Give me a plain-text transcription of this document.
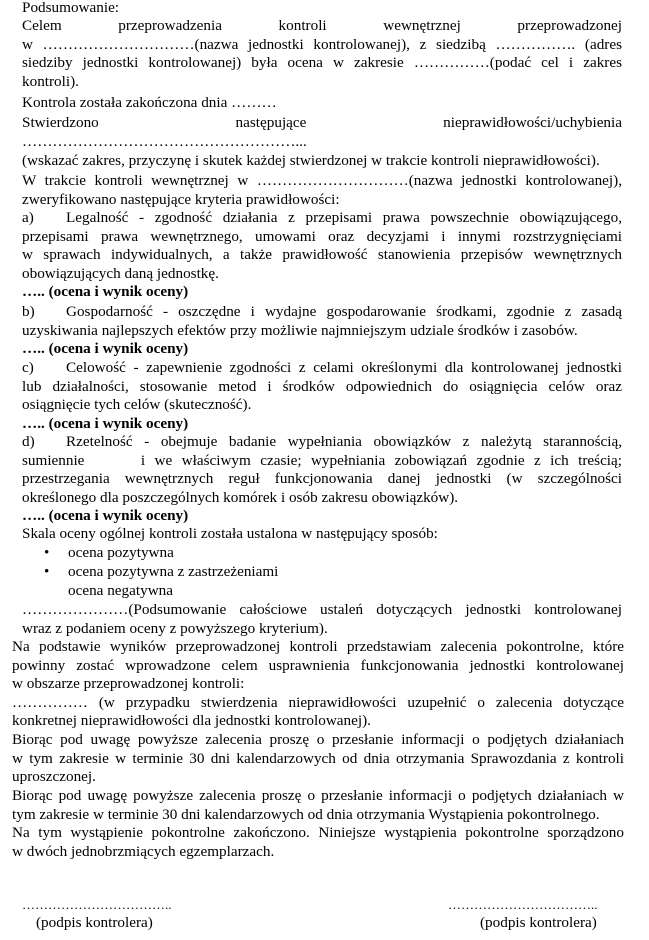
Podsumowanie:
Celem przeprowadzenia kontroli wewnętrznej przeprowadzonej
w …………………………(nazwa jednostki kontrolowanej), z siedzibą ……………. (adres
siedziby jednostki kontrolowanej) była ocena w zakresie ……………(podać cel i zakres
kontroli).
Kontrola została zakończona dnia ………
Stwierdzono następujące nieprawidłowości/uchybienia
………………………………………………...
(wskazać zakres, przyczynę i skutek każdej stwierdzonej w trakcie kontroli nieprawidłowości).
W trakcie kontroli wewnętrznej w …………………………(nazwa jednostki kontrolowanej),
zweryfikowano następujące kryteria prawidłowości:
a) Legalność - zgodność działania z przepisami prawa powszechnie obowiązującego,
przepisami prawa wewnętrznego, umowami oraz decyzjami i innymi rozstrzygnięciami
w sprawach indywidualnych, a także prawidłowość stanowienia przepisów wewnętrznych
obowiązujących daną jednostkę.
….. (ocena i wynik oceny)
b) Gospodarność - oszczędne i wydajne gospodarowanie środkami, zgodnie z zasadą
uzyskiwania najlepszych efektów przy możliwie najmniejszym udziale środków i zasobów.
….. (ocena i wynik oceny)
c) Celowość - zapewnienie zgodności z celami określonymi dla kontrolowanej jednostki
lub działalności, stosowanie metod i środków odpowiednich do osiągnięcia celów oraz
osiągnięcie tych celów (skuteczność).
….. (ocena i wynik oceny)
d) Rzetelność - obejmuje badanie wypełniania obowiązków z należytą starannością,
sumiennie      i we właściwym czasie; wypełniania zobowiązań zgodnie z ich treścią;
przestrzegania wewnętrznych reguł funkcjonowania danej jednostki (w szczególności
określonego dla poszczególnych komórek i osób zakresu obowiązków).
….. (ocena i wynik oceny)
Skala oceny ogólnej kontroli została ustalona w następujący sposób:
• ocena pozytywna
• ocena pozytywna z zastrzeżeniami
ocena negatywna
…………………(Podsumowanie całościowe ustaleń dotyczących jednostki kontrolowanej
wraz z podaniem oceny z powyższego kryterium).
Na podstawie wyników przeprowadzonej kontroli przedstawiam zalecenia pokontrolne, które
powinny zostać wprowadzone celem usprawnienia funkcjonowania jednostki kontrolowanej
w obszarze przeprowadzonej kontroli:
…………… (w przypadku stwierdzenia nieprawidłowości uzupełnić o zalecenia dotyczące
konkretnej nieprawidłowości dla jednostki kontrolowanej).
Biorąc pod uwagę powyższe zalecenia proszę o przesłanie informacji o podjętych działaniach
w tym zakresie w terminie 30 dni kalendarzowych od dnia otrzymania Sprawozdania z kontroli
uproszczonej.
Biorąc pod uwagę powyższe zalecenia proszę o przesłanie informacji o podjętych działaniach w
tym zakresie w terminie 30 dni kalendarzowych od dnia otrzymania Wystąpienia pokontrolnego.
Na tym wystąpienie pokontrolne zakończono. Niniejsze wystąpienia pokontrolne sporządzono
w dwóch jednobrzmiących egzemplarzach.
……………………………..
(podpis kontrolera)
……………………………..
(podpis kontrolera)
